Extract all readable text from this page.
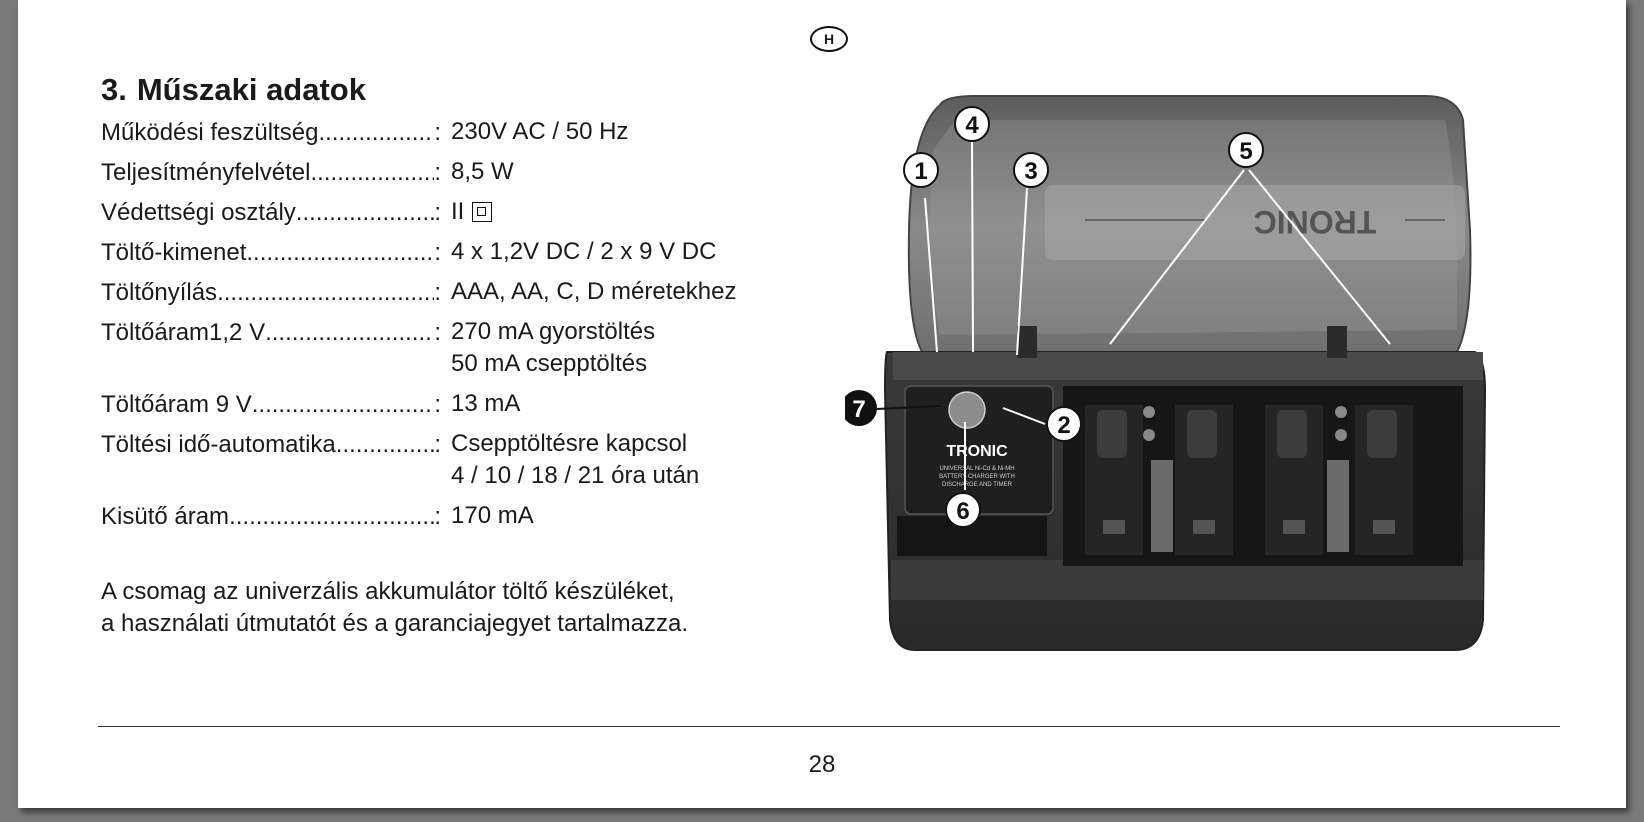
H
3. Műszaki adatok
Működési feszültség .....	: 230V AC / 50 Hz
Teljesítményfelvétel .....	: 8,5 W
Védettségi osztály .....	: II
Töltő-kimenet .....	: 4 x 1,2V DC / 2 x 9 V DC
Töltőnyílás .....	: AAA, AA, C, D méretekhez
Töltőáram1,2 V .....	: 270 mA gyorstöltés
50 mA csepptöltés
Töltőáram 9 V .....	: 13 mA
Töltési idő-automatika .....	: Csepptöltésre kapcsol
4 / 10 / 18 / 21 óra után
Kisütő áram .....	: 170 mA

A csomag az univerzális akkumulátor töltő készüléket,
a használati útmutatót és a garanciajegyet tartalmazza.

TRONIC
TRONIC
UNIVERSAL Ni-Cd & Ni-MH
BATTERY CHARGER WITH
DISCHARGE AND TIMER
1
4
3
5
2
6
7
28
